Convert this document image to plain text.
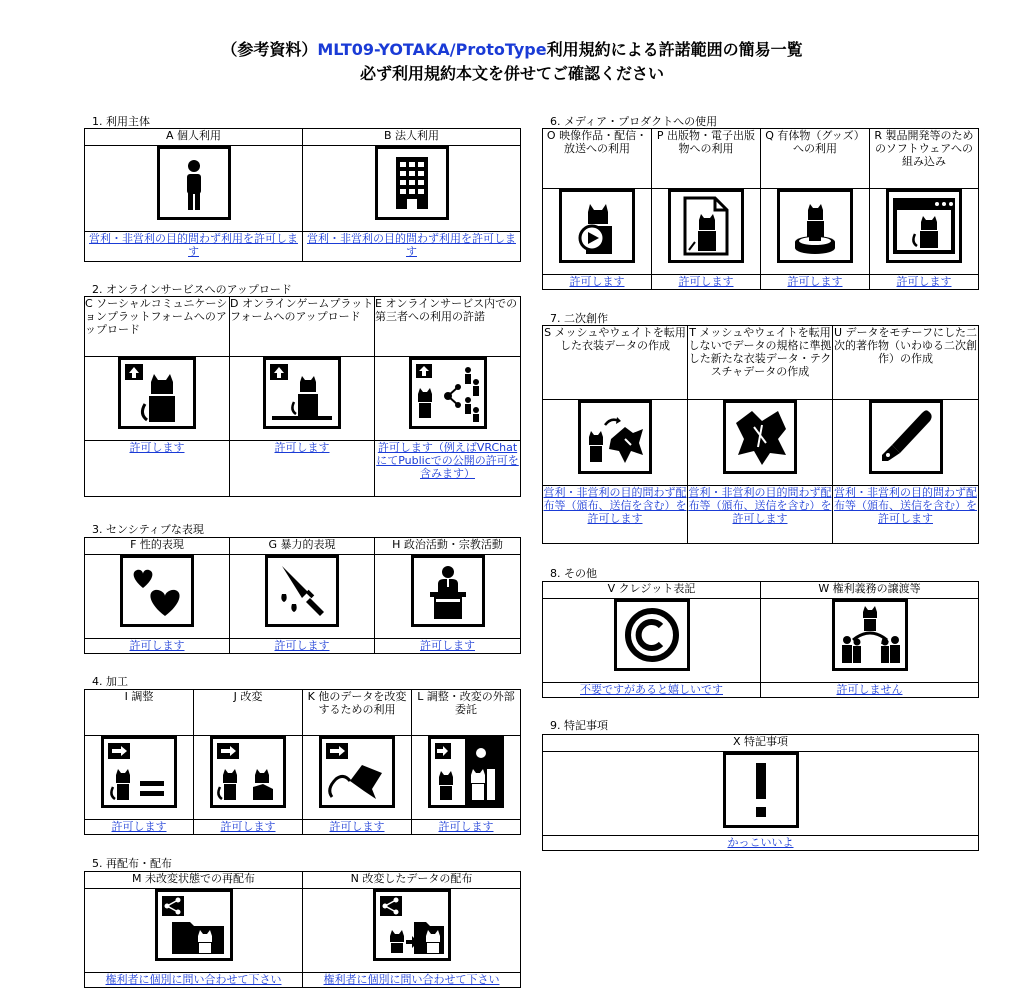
（参考資料）MLT09-YOTAKA/ProtoType利用規約による許諾範囲の簡易一覧
必ず利用規約本文を併せてご確認ください
1. 利用主体
A 個人利用	B 法人利用

営利・非営利の目的問わず利用を許可します	営利・非営利の目的問わず利用を許可します
2. オンラインサービスへのアップロード
C ソーシャルコミュニケーションプラットフォームへのアップロード	D オンラインゲームプラットフォームへのアップロード	E オンラインサービス内での第三者への利用の許諾

許可します	許可します	許可します（例えばVRChatにてPublicでの公開の許可を含みます）
3. センシティブな表現
F 性的表現	G 暴力的表現	H 政治活動・宗教活動

許可します	許可します	許可します
4. 加工
I 調整	J 改変	K 他のデータを改変するための利用	L 調整・改変の外部委託

許可します	許可します	許可します	許可します
5. 再配布・配布
M 未改変状態での再配布	N 改変したデータの配布

権利者に個別に問い合わせて下さい	権利者に個別に問い合わせて下さい
6. メディア・プロダクトへの使用
O 映像作品・配信・放送への利用	P 出版物・電子出版物への利用	Q 有体物（グッズ）への利用	R 製品開発等のためのソフトウェアへの組み込み

許可します	許可します	許可します	許可します
7. 二次創作
S メッシュやウェイトを転用した衣装データの作成	T メッシュやウェイトを転用しないでデータの規格に準拠した新たな衣装データ・テクスチャデータの作成	U データをモチーフにした二次的著作物（いわゆる二次創作）の作成

営利・非営利の目的問わず配布等（頒布、送信を含む）を許可します	営利・非営利の目的問わず配布等（頒布、送信を含む）を許可します	営利・非営利の目的問わず配布等（頒布、送信を含む）を許可します
8. その他
V クレジット表記	W 権利義務の譲渡等

不要ですがあると嬉しいです	許可しません
9. 特記事項
X 特記事項

かっこいいよ
